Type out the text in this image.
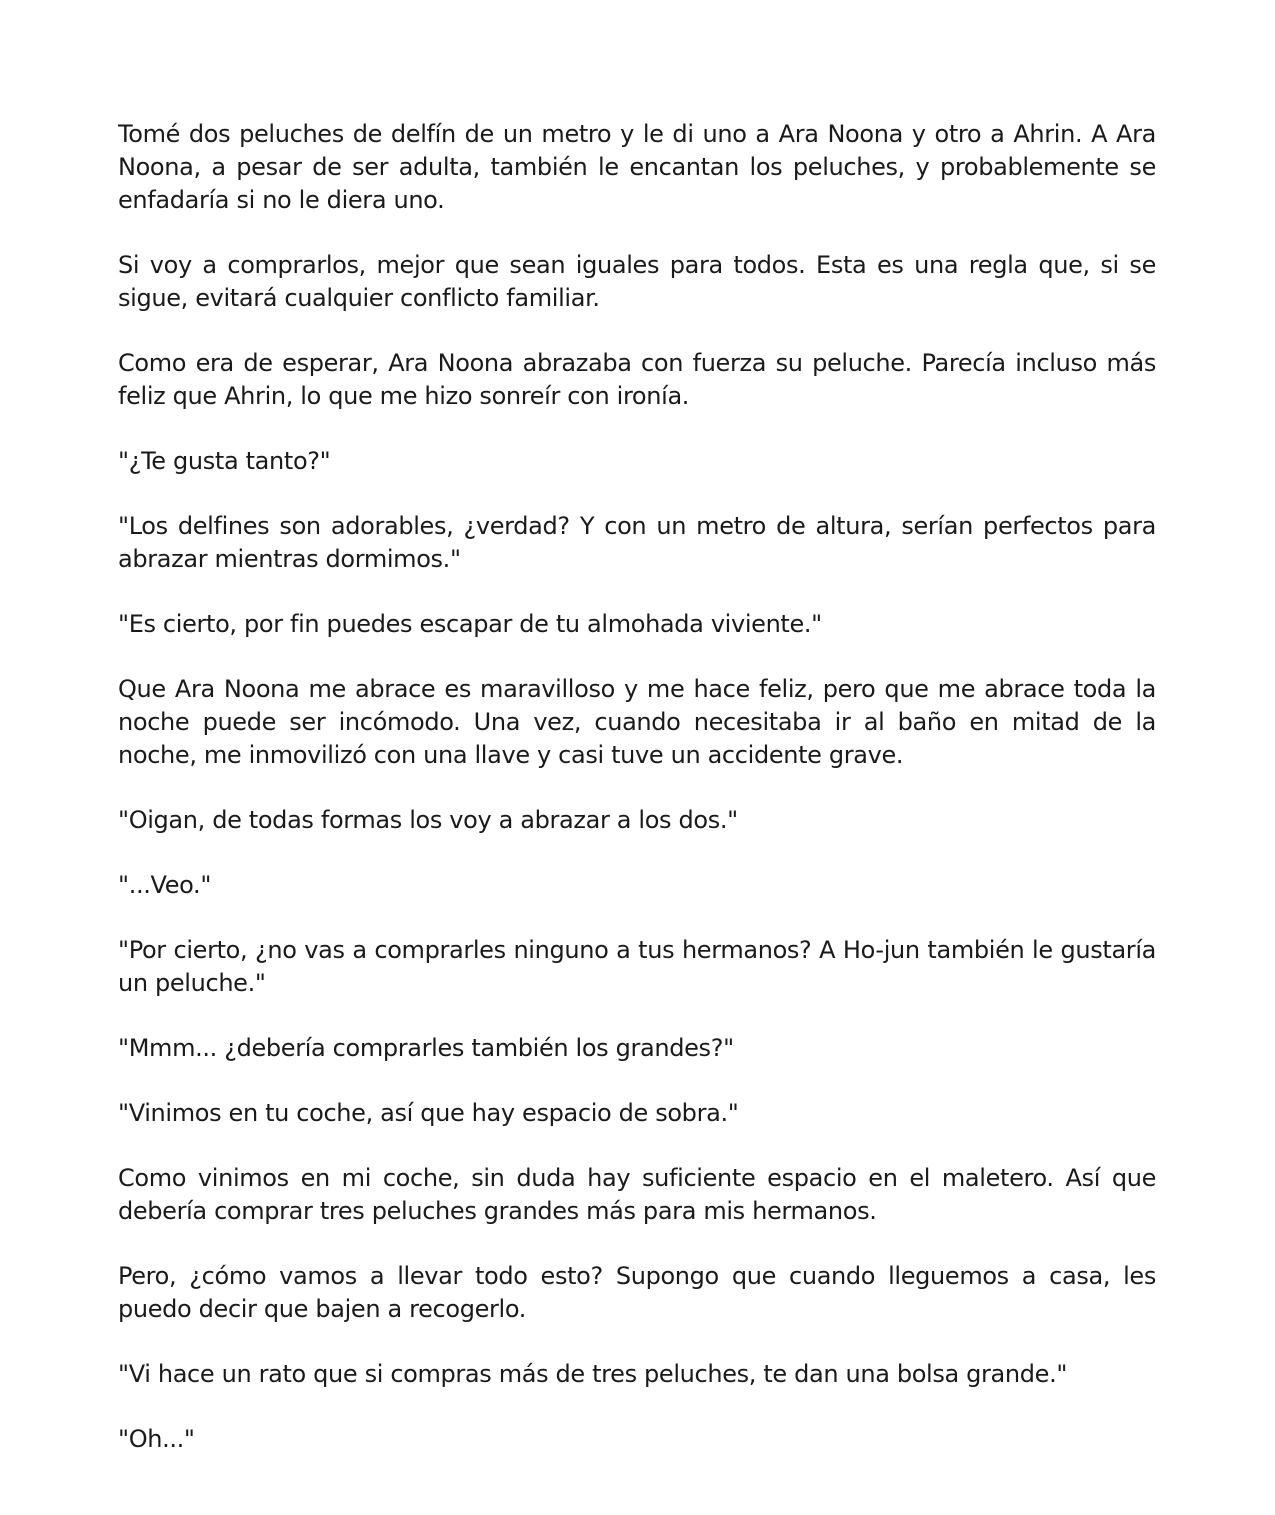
Tomé dos peluches de delfín de un metro y le di uno a Ara Noona y otro a Ahrin. A Ara Noona, a pesar de ser adulta, también le encantan los peluches, y probablemente se enfadaría si no le diera uno.

Si voy a comprarlos, mejor que sean iguales para todos. Esta es una regla que, si se sigue, evitará cualquier conflicto familiar.

Como era de esperar, Ara Noona abrazaba con fuerza su peluche. Parecía incluso más feliz que Ahrin, lo que me hizo sonreír con ironía.

"¿Te gusta tanto?"

"Los delfines son adorables, ¿verdad? Y con un metro de altura, serían perfectos para abrazar mientras dormimos."

"Es cierto, por fin puedes escapar de tu almohada viviente."

Que Ara Noona me abrace es maravilloso y me hace feliz, pero que me abrace toda la noche puede ser incómodo. Una vez, cuando necesitaba ir al baño en mitad de la noche, me inmovilizó con una llave y casi tuve un accidente grave.

"Oigan, de todas formas los voy a abrazar a los dos."

"...Veo."

"Por cierto, ¿no vas a comprarles ninguno a tus hermanos? A Ho-jun también le gustaría un peluche."

"Mmm... ¿debería comprarles también los grandes?"

"Vinimos en tu coche, así que hay espacio de sobra."

Como vinimos en mi coche, sin duda hay suficiente espacio en el maletero. Así que debería comprar tres peluches grandes más para mis hermanos.

Pero, ¿cómo vamos a llevar todo esto? Supongo que cuando lleguemos a casa, les puedo decir que bajen a recogerlo.

"Vi hace un rato que si compras más de tres peluches, te dan una bolsa grande."

"Oh..."
